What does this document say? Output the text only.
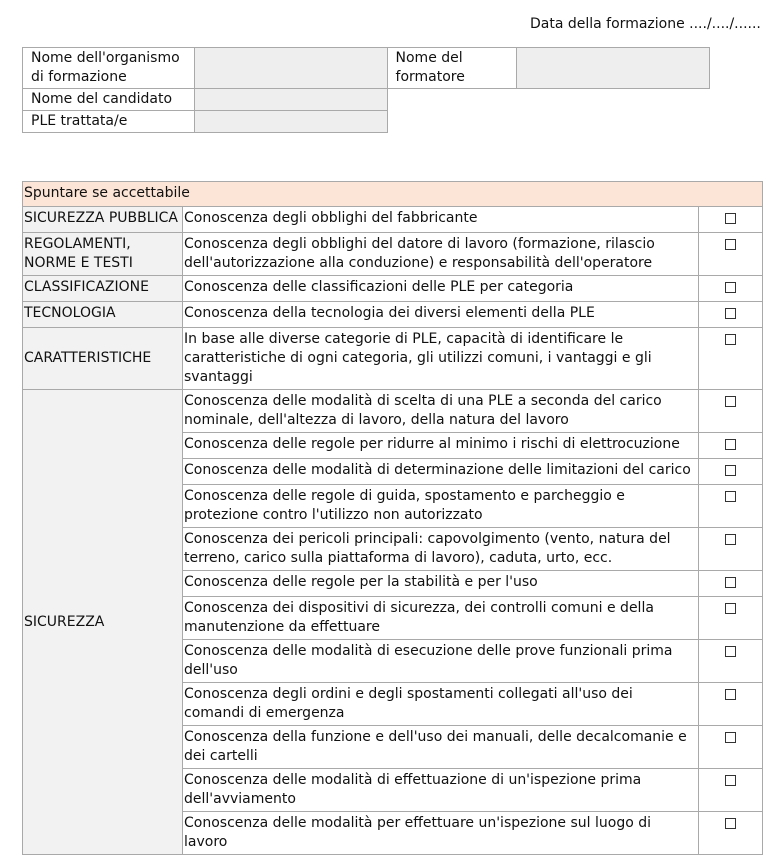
Data della formazione ..../..../......
Nome dell'organismo di formazione		Nome del formatore	
Nome del candidato			
PLE trattata/e			
Spuntare se accettabile		
SICUREZZA PUBBLICA	Conoscenza degli obblighi del fabbricante	
REGOLAMENTI, NORME E TESTI	Conoscenza degli obblighi del datore di lavoro (formazione, rilascio dell'autorizzazione alla conduzione) e responsabilità dell'operatore	
CLASSIFICAZIONE	Conoscenza delle classificazioni delle PLE per categoria	
TECNOLOGIA	Conoscenza della tecnologia dei diversi elementi della PLE	
CARATTERISTICHE	In base alle diverse categorie di PLE, capacità di identificare le caratteristiche di ogni categoria, gli utilizzi comuni, i vantaggi e gli svantaggi	
SICUREZZA	Conoscenza delle modalità di scelta di una PLE a seconda del carico nominale, dell'altezza di lavoro, della natura del lavoro	
	Conoscenza delle regole per ridurre al minimo i rischi di elettrocuzione	
	Conoscenza delle modalità di determinazione delle limitazioni del carico	
	Conoscenza delle regole di guida, spostamento e parcheggio e protezione contro l'utilizzo non autorizzato	
	Conoscenza dei pericoli principali: capovolgimento (vento, natura del terreno, carico sulla piattaforma di lavoro), caduta, urto, ecc.	
	Conoscenza delle regole per la stabilità e per l'uso	
	Conoscenza dei dispositivi di sicurezza, dei controlli comuni e della manutenzione da effettuare	
	Conoscenza delle modalità di esecuzione delle prove funzionali prima dell'uso	
	Conoscenza degli ordini e degli spostamenti collegati all'uso dei comandi di emergenza	
	Conoscenza della funzione e dell'uso dei manuali, delle decalcomanie e dei cartelli	
	Conoscenza delle modalità di effettuazione di un'ispezione prima dell'avviamento	
	Conoscenza delle modalità per effettuare un'ispezione sul luogo di lavoro	
